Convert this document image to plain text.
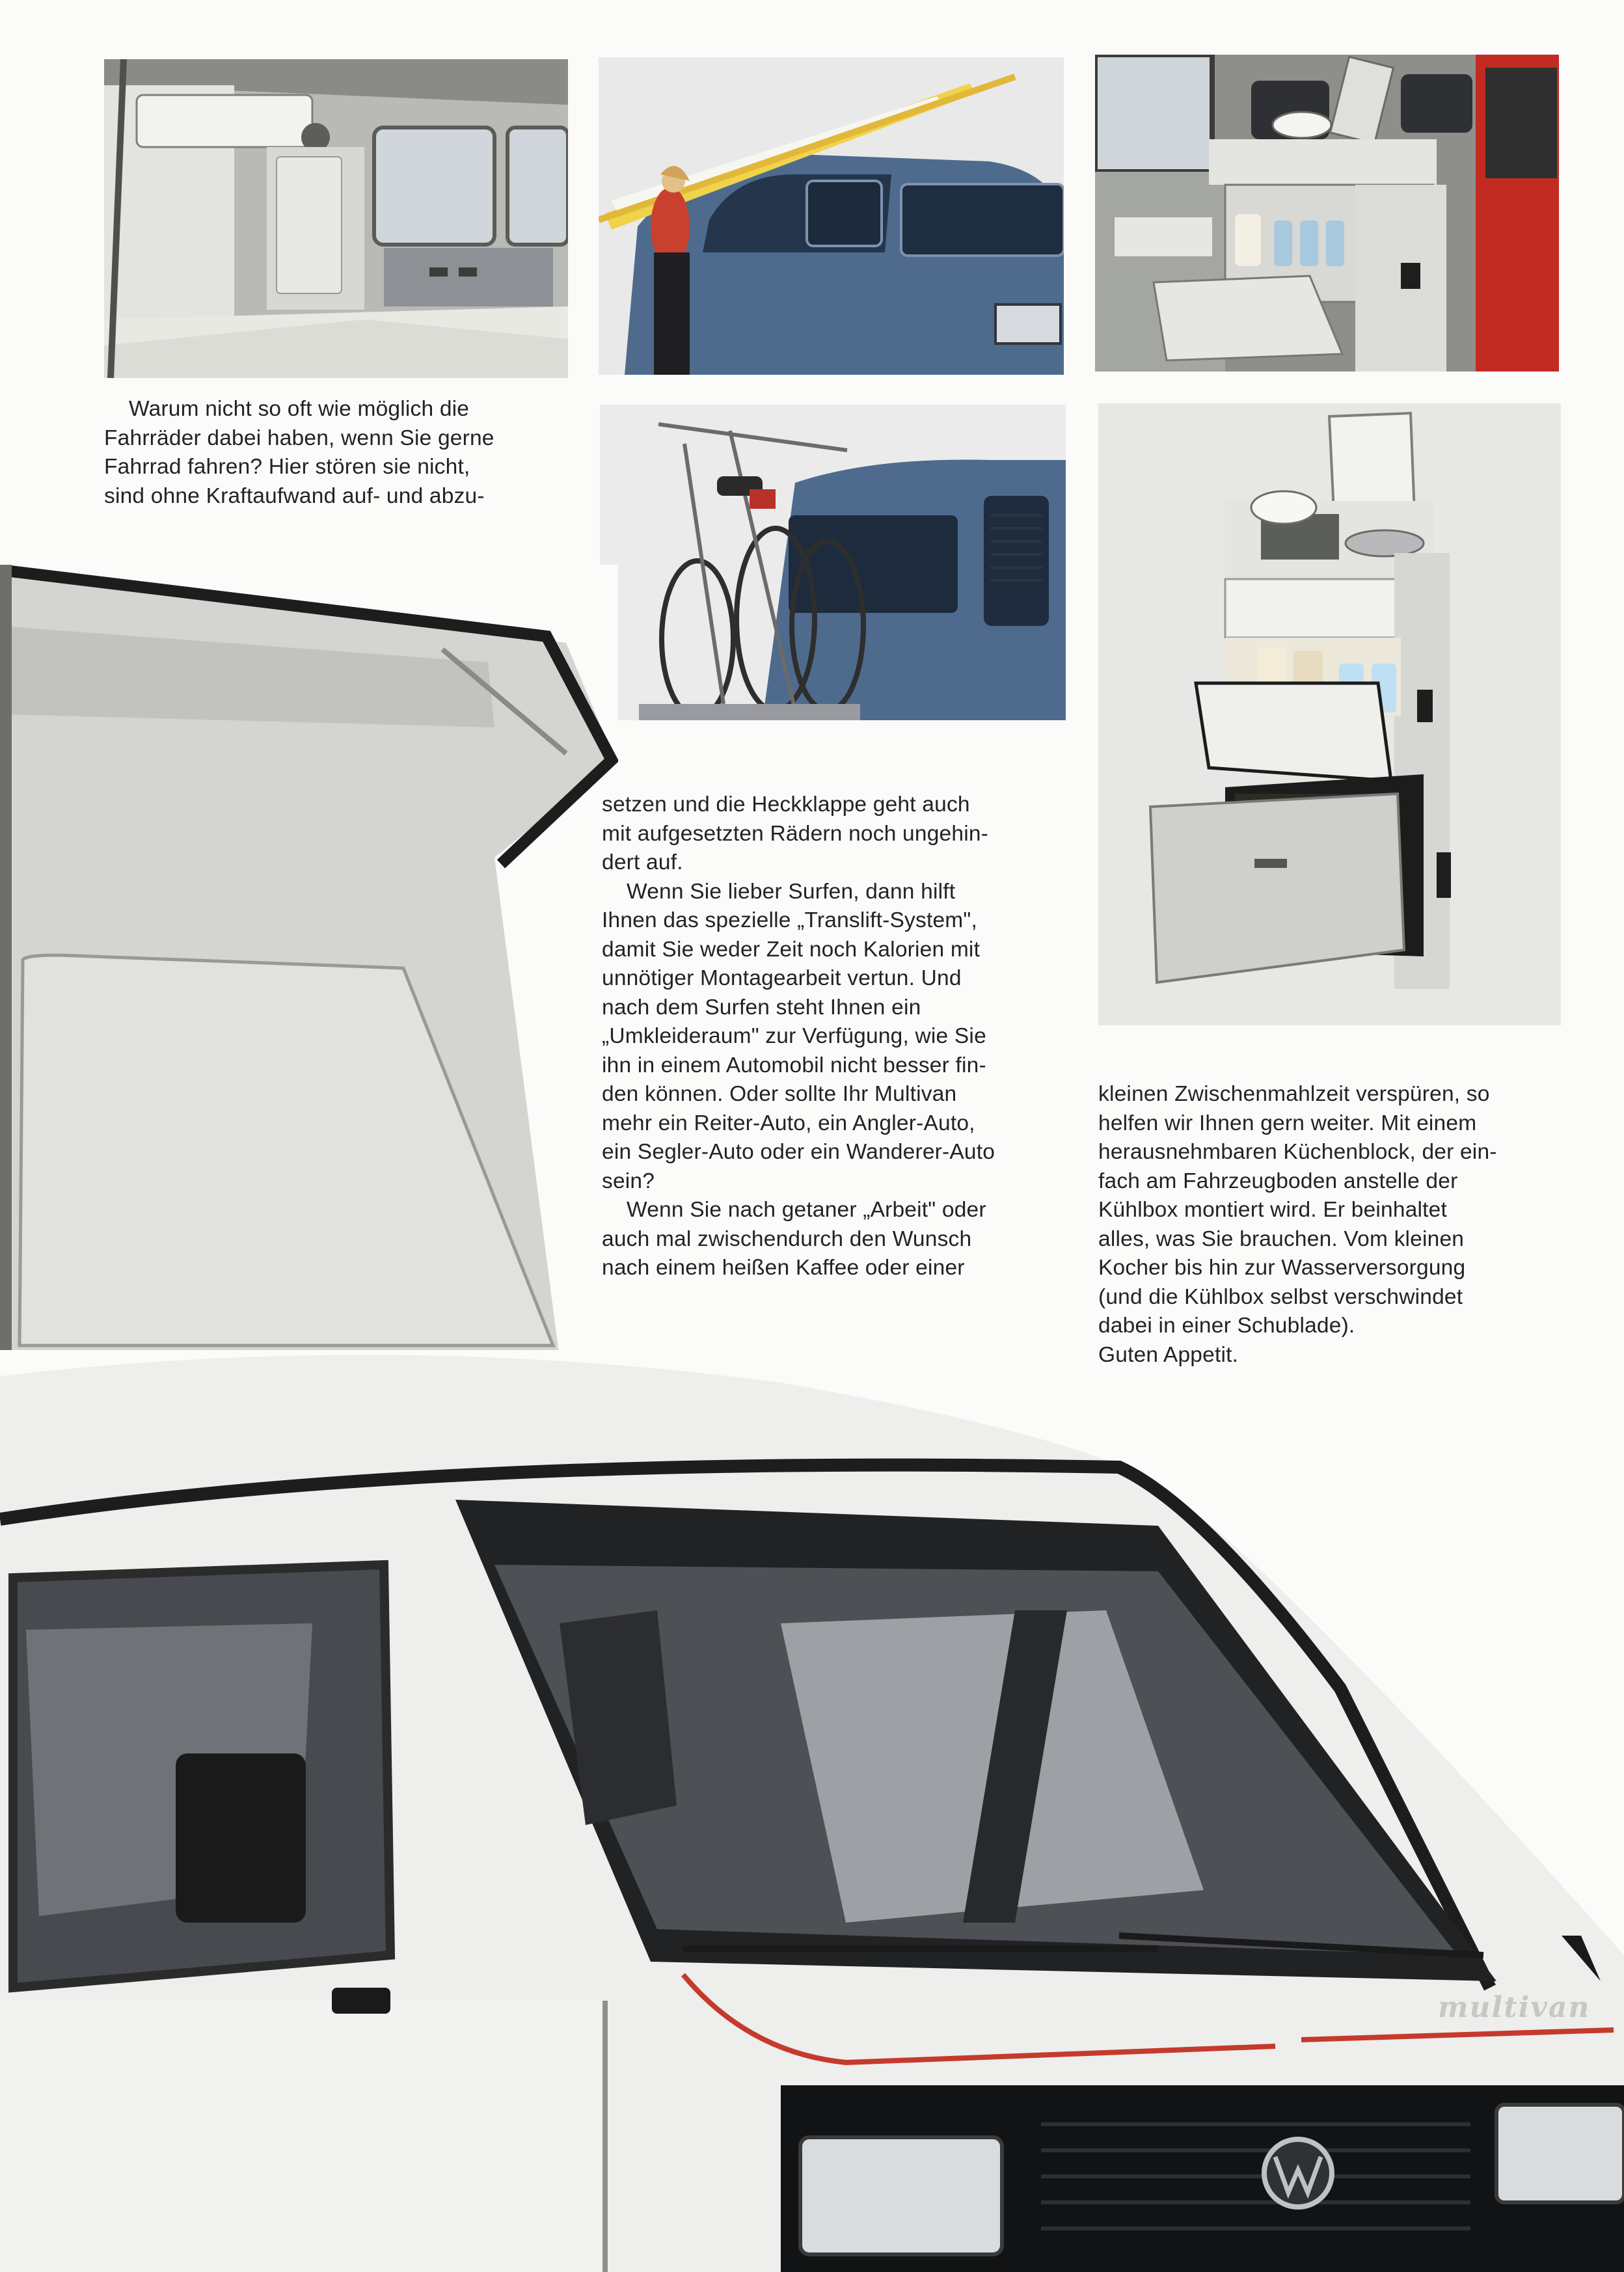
multivan

Warum nicht so oft wie möglich die

Fahrräder dabei haben, wenn Sie gerne

Fahrrad fahren? Hier stören sie nicht,

sind ohne Kraftaufwand auf- und abzu-

setzen und die Heckklappe geht auch

mit aufgesetzten Rädern noch ungehin-

dert auf.

Wenn Sie lieber Surfen, dann hilft

Ihnen das spezielle „Translift-System",

damit Sie weder Zeit noch Kalorien mit

unnötiger Montagearbeit vertun. Und

nach dem Surfen steht Ihnen ein

„Umkleideraum" zur Verfügung, wie Sie

ihn in einem Automobil nicht besser fin-

den können. Oder sollte Ihr Multivan

mehr ein Reiter-Auto, ein Angler-Auto,

ein Segler-Auto oder ein Wanderer-Auto

sein?

Wenn Sie nach getaner „Arbeit" oder

auch mal zwischendurch den Wunsch

nach einem heißen Kaffee oder einer

kleinen Zwischenmahlzeit verspüren, so

helfen wir Ihnen gern weiter. Mit einem

herausnehmbaren Küchenblock, der ein-

fach am Fahrzeugboden anstelle der

Kühlbox montiert wird. Er beinhaltet

alles, was Sie brauchen. Vom kleinen

Kocher bis hin zur Wasserversorgung

(und die Kühlbox selbst verschwindet

dabei in einer Schublade).

Guten Appetit.
